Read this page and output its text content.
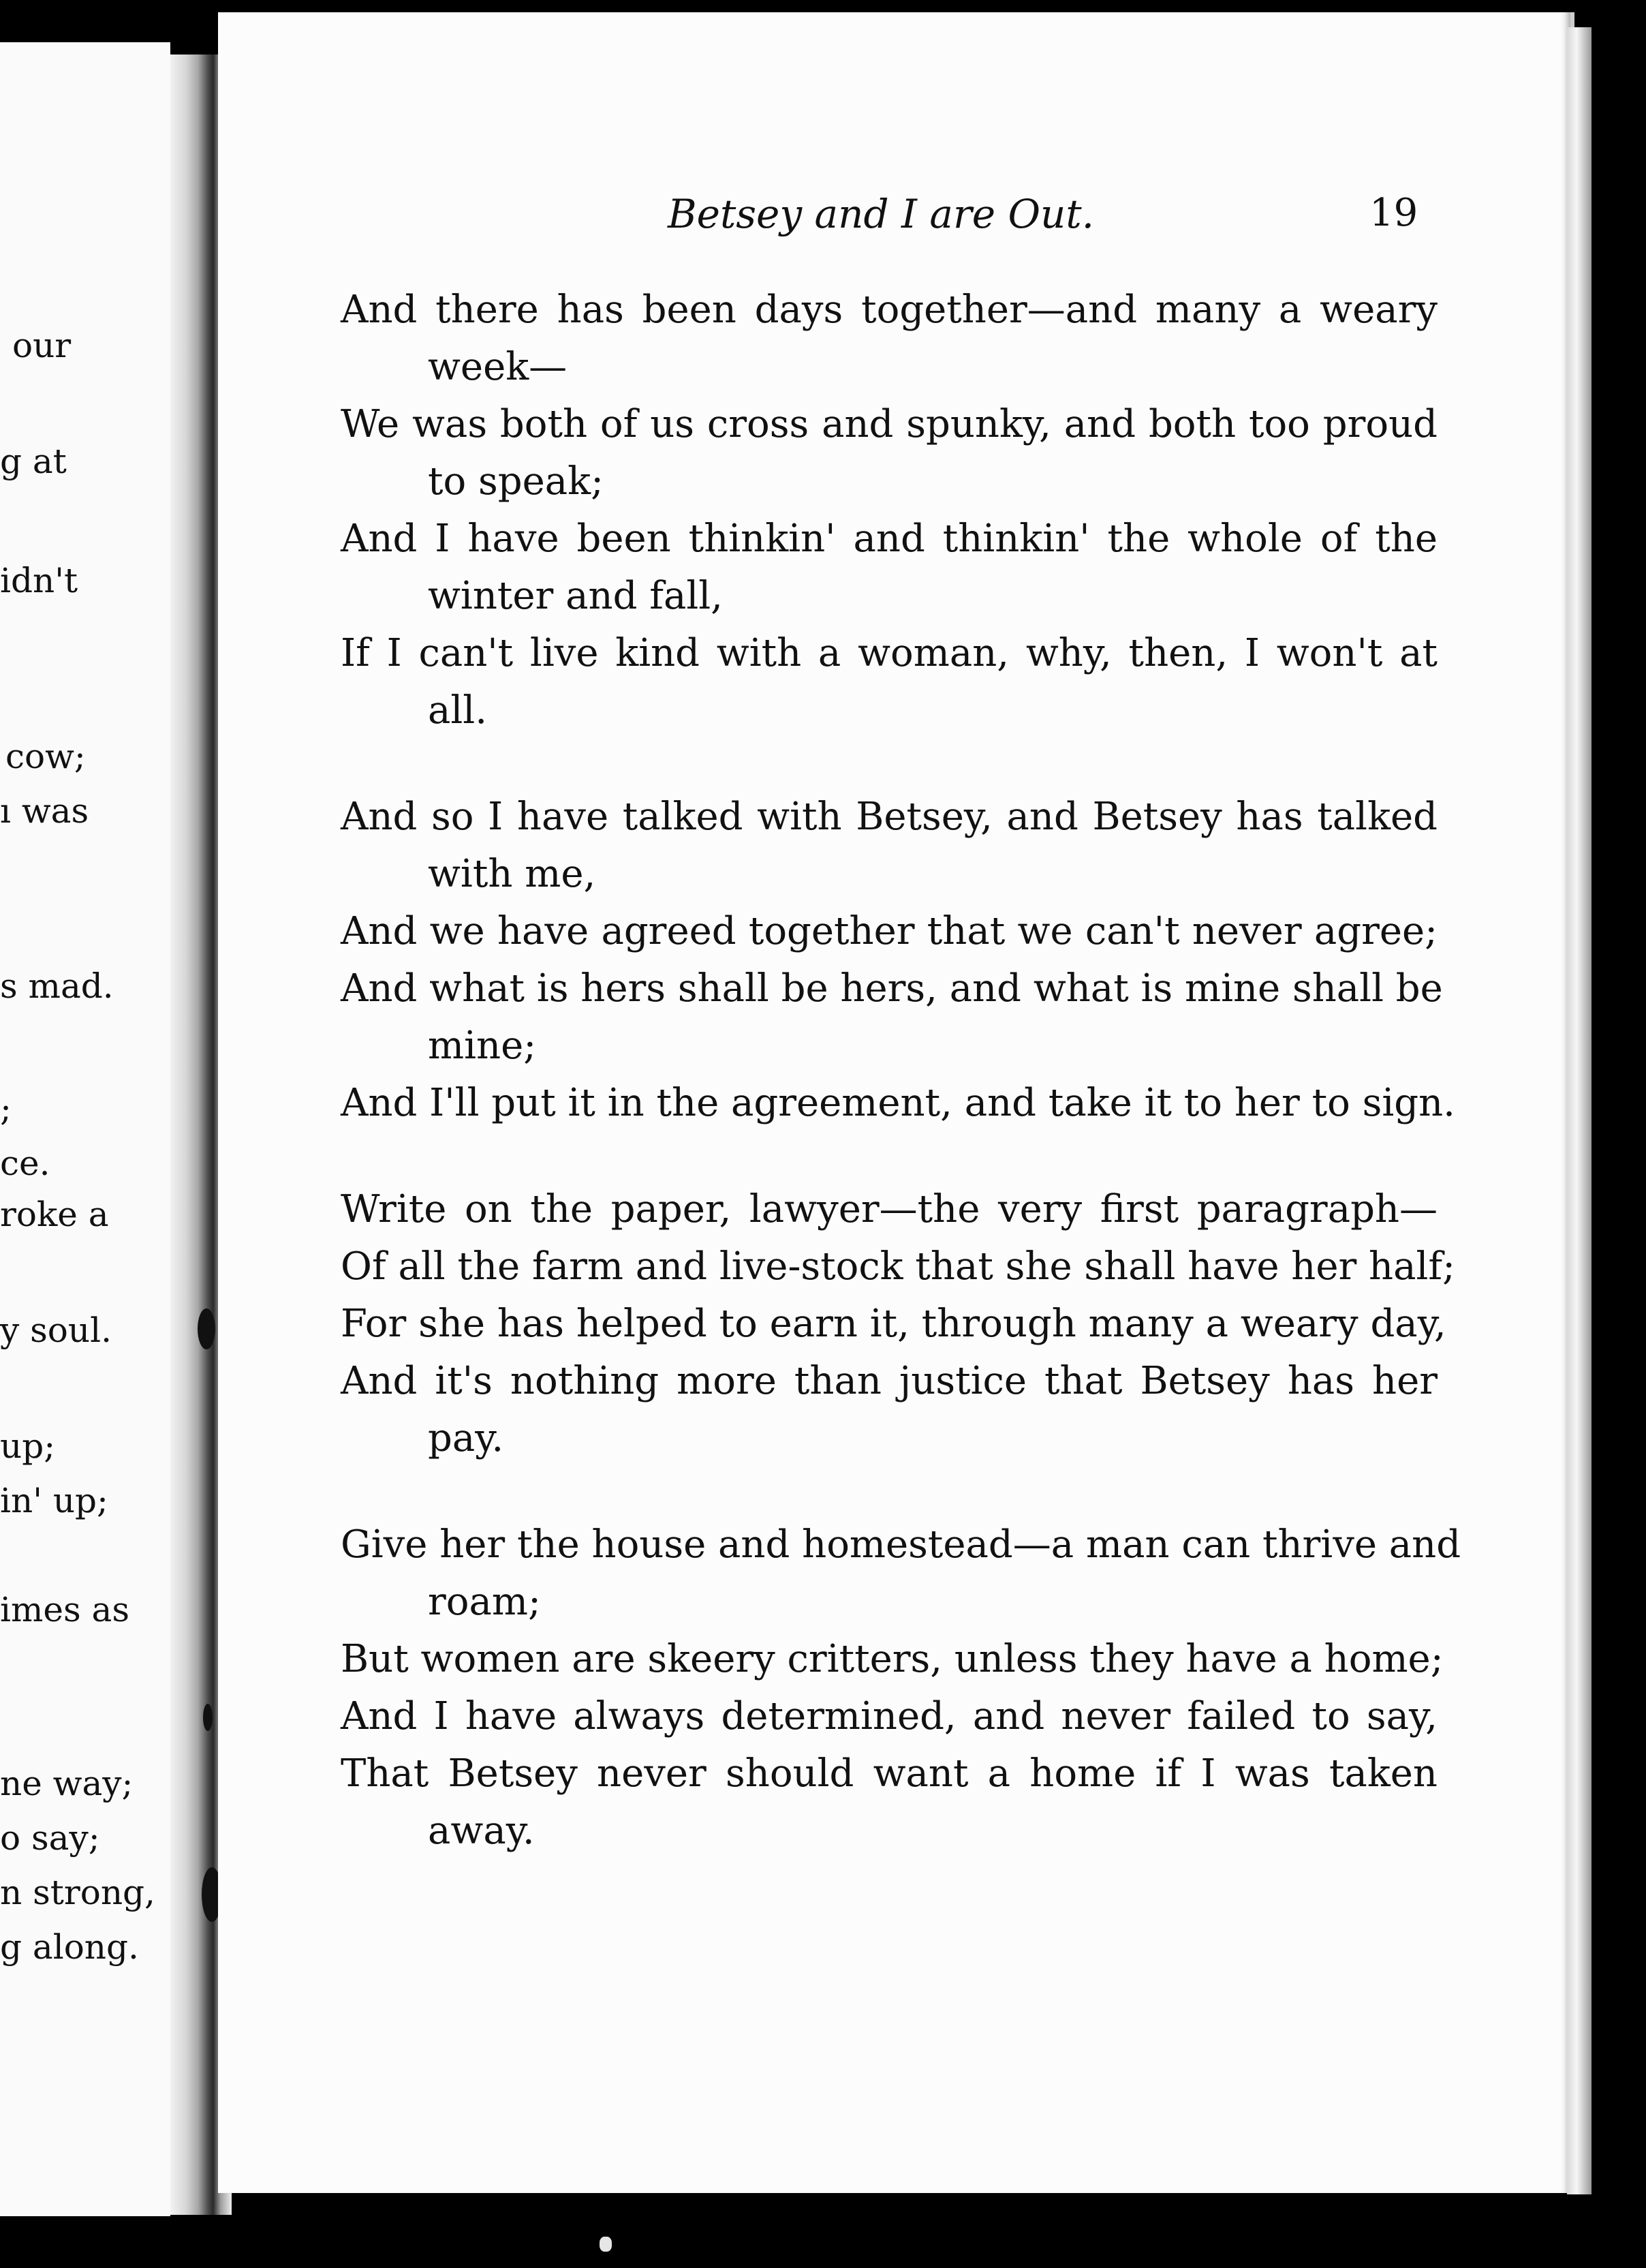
our
g at
idn't
cow;
ı was
s mad.
;
ce.
roke a
y soul.
up;
in' up;
imes as
ne way;
o say;
n strong,
g along.
Betsey and I are Out.	19
And there has been days together—and many a weary
week—
We was both of us cross and spunky, and both too proud
to speak;
And I have been thinkin' and thinkin' the whole of the
winter and fall,
If I can't live kind with a woman, why, then, I won't at
all.
And so I have talked with Betsey, and Betsey has talked
with me,
And we have agreed together that we can't never agree;
And what is hers shall be hers, and what is mine shall be
mine;
And I'll put it in the agreement, and take it to her to sign.
Write on the paper, lawyer—the very first paragraph—
Of all the farm and live-stock that she shall have her half;
For she has helped to earn it, through many a weary day,
And it's nothing more than justice that Betsey has her
pay.
Give her the house and homestead—a man can thrive and
roam;
But women are skeery critters, unless they have a home;
And I have always determined, and never failed to say,
That Betsey never should want a home if I was taken
away.
